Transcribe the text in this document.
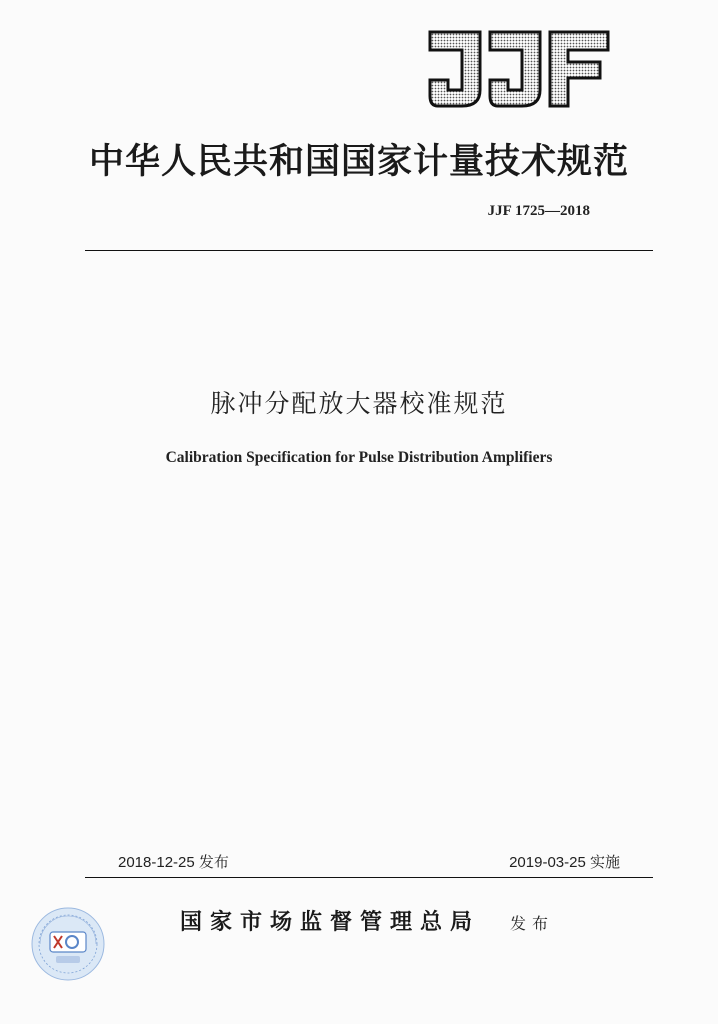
中华人民共和国国家计量技术规范
JJF 1725—2018
脉冲分配放大器校准规范
Calibration Specification for Pulse Distribution Amplifiers
2018-12-25 发布	2019-03-25 实施
国家市场监督管理总局 发布
